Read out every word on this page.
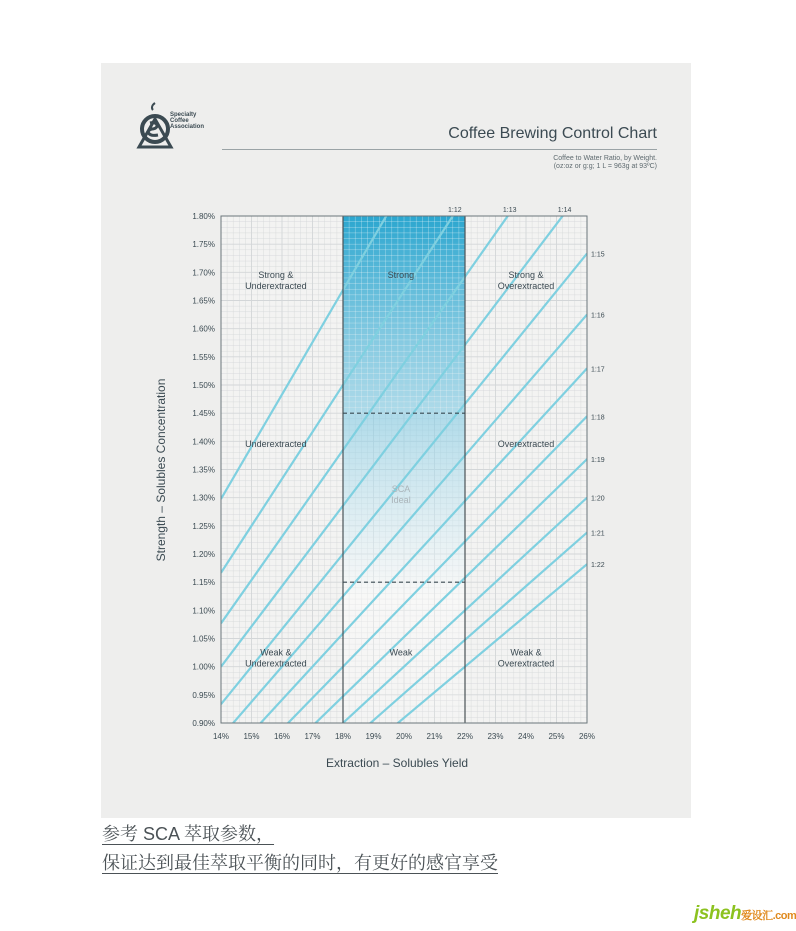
Specialty
Coffee
Association	Coffee Brewing Control Chart
Coffee to Water Ratio, by Weight.
(oz:oz or g:g; 1 L = 963g at 93ºC)
14% 15% 16% 17% 18% 19% 20% 21% 22% 23% 24% 25% 26%
0.90%
0.95%
1.00%
1.05%
1.10%
1.15%
1.20%
1.25%
1.30%
1.35%
1.40%
1.45%
1.50%
1.55%
1.60%
1.65%
1.70%
1.75%
1.80%
1:12	1:13	1:14
1:15
1:16
1:17
1:18
1:19
1:20
1:21
1:22
Strong & Underextracted
Strong	Strong & Overextracted
Underextracted
SCA Ideal
Overextracted
Weak & Underextracted
Weak	Weak & Overextracted
Extraction – Solubles Yield
Strength – Solubles Concentration
参考 SCA 萃取参数，
保证达到最佳萃取平衡的同时，有更好的感官享受
jsheh爱设汇.com
